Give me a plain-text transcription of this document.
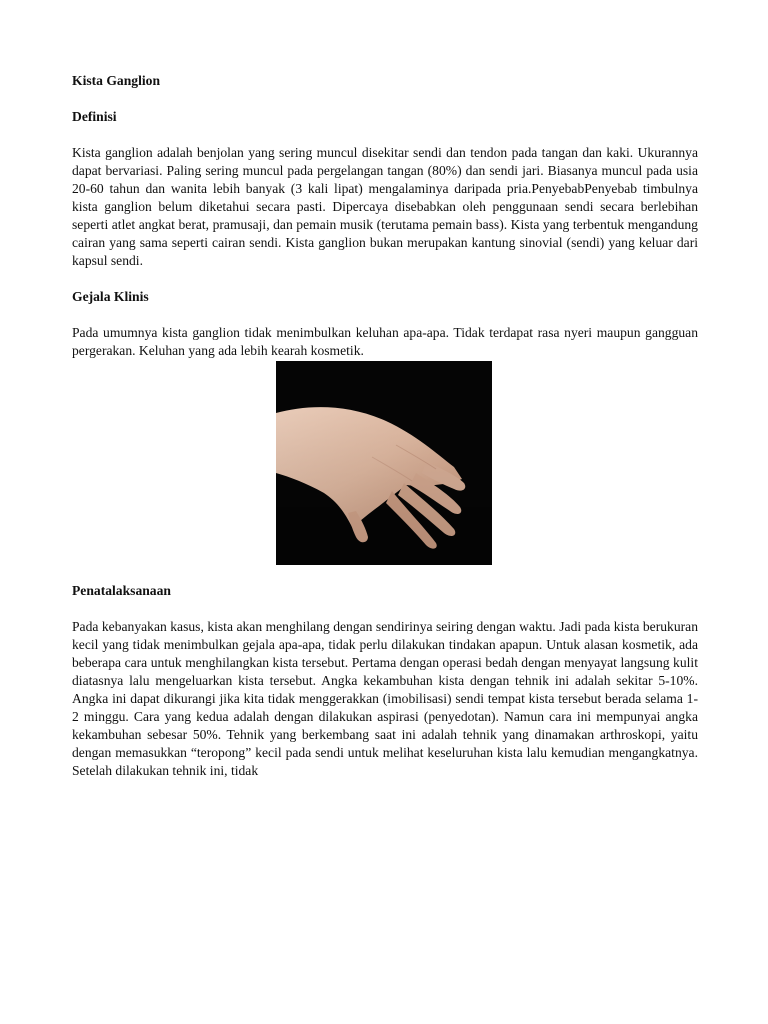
Kista Ganglion

Definisi

Kista ganglion adalah benjolan yang sering muncul disekitar sendi dan tendon pada tangan dan kaki. Ukurannya dapat bervariasi. Paling sering muncul pada pergelangan tangan (80%) dan sendi jari. Biasanya muncul pada usia 20-60 tahun dan wanita lebih banyak (3 kali lipat) mengalaminya daripada pria.PenyebabPenyebab timbulnya kista ganglion belum diketahui secara pasti. Dipercaya disebabkan oleh penggunaan sendi secara berlebihan seperti atlet angkat berat, pramusaji, dan pemain musik (terutama pemain bass). Kista yang terbentuk mengandung cairan yang sama seperti cairan sendi. Kista ganglion bukan merupakan kantung sinovial (sendi) yang keluar dari kapsul sendi.

Gejala Klinis

Pada umumnya kista ganglion tidak menimbulkan keluhan apa-apa. Tidak terdapat rasa nyeri maupun gangguan pergerakan. Keluhan yang ada lebih kearah kosmetik.

Penatalaksanaan

Pada kebanyakan kasus, kista akan menghilang dengan sendirinya seiring dengan waktu. Jadi pada kista berukuran kecil yang tidak menimbulkan gejala apa-apa, tidak perlu dilakukan tindakan apapun. Untuk alasan kosmetik, ada beberapa cara untuk menghilangkan kista tersebut. Pertama dengan operasi bedah dengan menyayat langsung kulit diatasnya lalu mengeluarkan kista tersebut. Angka kekambuhan kista dengan tehnik ini adalah sekitar 5-10%. Angka ini dapat dikurangi jika kita tidak menggerakkan (imobilisasi) sendi tempat kista tersebut berada selama 1-2 minggu. Cara yang kedua adalah dengan dilakukan aspirasi (penyedotan). Namun cara ini mempunyai angka kekambuhan sebesar 50%. Tehnik yang berkembang saat ini adalah tehnik yang dinamakan arthroskopi, yaitu dengan memasukkan “teropong” kecil pada sendi untuk melihat keseluruhan kista lalu kemudian mengangkatnya. Setelah dilakukan tehnik ini, tidak
